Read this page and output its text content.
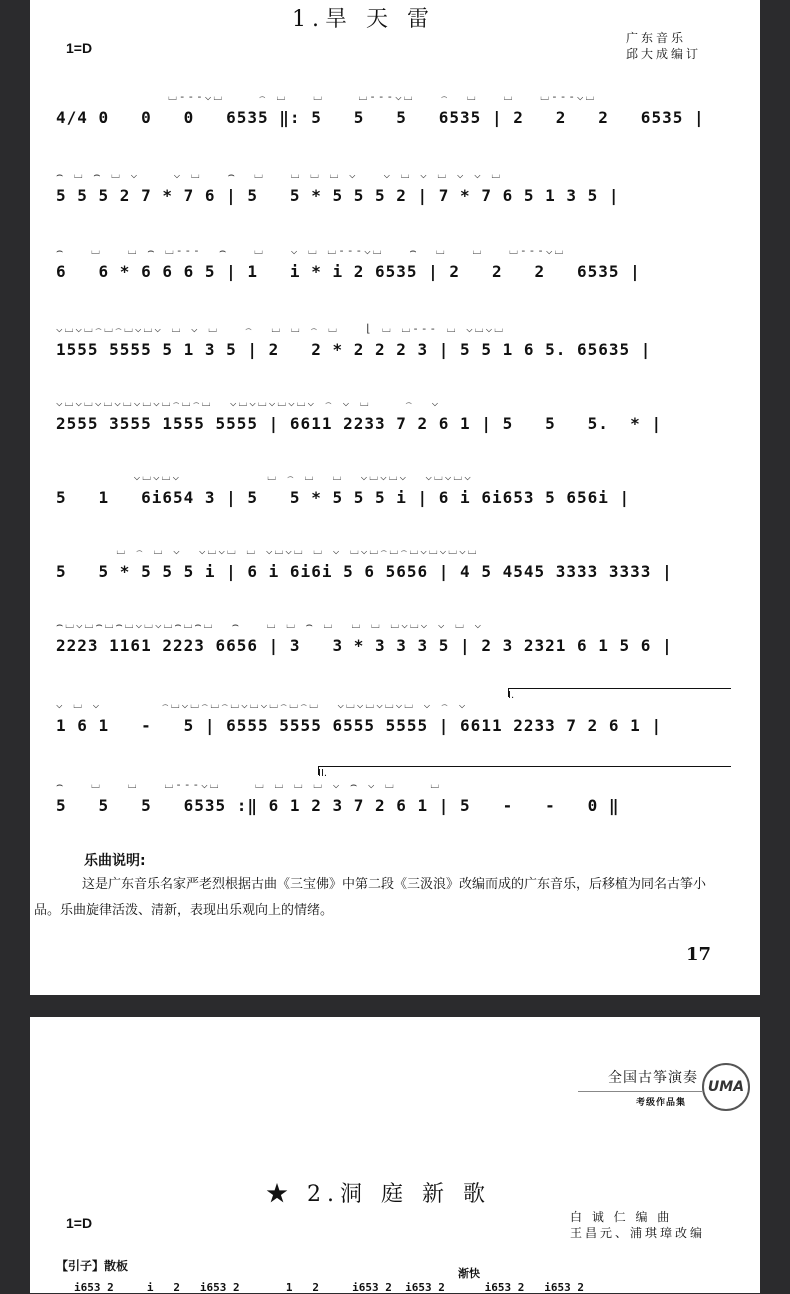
1.旱 天 雷
广东音乐
邱大成编订
1=D
⌴---⌵⌴    ⌢ ⌴   ⌴    ⌴---⌵⌴   ⌢  ⌴   ⌴   ⌴---⌵⌴
4/4 0   0   0   6535 ‖: 5   5   5   6535 | 2   2   2   6535 |
⌢ ⌴ ⌢ ⌴ ⌵    ⌵ ⌴   ⌢  ⌴   ⌴ ⌴ ⌴ ⌵   ⌵ ⌴ ⌵ ⌴ ⌵ ⌵ ⌴
5 5 5 2 7 * 7 6 | 5   5 * 5 5 5 2 | 7 * 7 6 5 1 3 5 |
⌢   ⌴   ⌴ ⌢ ⌴---  ⌢   ⌴   ⌵ ⌴ ⌴---⌵⌴   ⌢  ⌴   ⌴   ⌴---⌵⌴
6   6 * 6 6 6 5 | 1   i * i 2 6535 | 2   2   2   6535 |
⌵⌴⌵⌴⌢⌴⌢⌴⌵⌴⌵ ⌴ ⌵ ⌴   ⌢  ⌴ ⌴ ⌢ ⌴   ⌊ ⌴ ⌴--- ⌴ ⌵⌴⌵⌴
1555 5555 5 1 3 5 | 2   2 * 2 2 2 3 | 5 5 1 6 5. 65635 |
⌵⌴⌵⌴⌵⌴⌵⌴⌵⌴⌵⌴⌢⌴⌢⌴  ⌵⌴⌵⌴⌵⌴⌵⌴⌵ ⌢ ⌵ ⌴    ⌢  ⌵
2555 3555 1555 5555 | 6611 2233 7 2 6 1 | 5   5   5.  * |
⌵⌴⌵⌴⌵          ⌴ ⌢ ⌴  ⌴  ⌵⌴⌵⌴⌵  ⌵⌴⌵⌴⌵
5   1   6i654 3 | 5   5 * 5 5 5 i | 6 i 6i653 5 656i |
⌴ ⌢ ⌴ ⌵  ⌵⌴⌵⌴ ⌴ ⌵⌴⌵⌴ ⌴ ⌵ ⌴⌵⌴⌢⌴⌢⌴⌵⌴⌵⌴⌵⌴
5   5 * 5 5 5 i | 6 i 6i6i 5 6 5656 | 4 5 4545 3333 3333 |
⌢⌴⌵⌴⌢⌴⌢⌴⌵⌴⌵⌴⌢⌴⌢⌴  ⌢   ⌴ ⌴ ⌢ ⌴  ⌴ ⌴ ⌴⌵⌴⌵ ⌵ ⌴ ⌵
2223 1161 2223 6656 | 3   3 * 3 3 3 5 | 2 3 2321 6 1 5 6 |
I.
⌵ ⌴ ⌵       ⌢⌴⌵⌴⌢⌴⌢⌴⌵⌴⌵⌴⌢⌴⌢⌴  ⌵⌴⌵⌴⌵⌴⌵⌴ ⌵ ⌢ ⌵
1 6 1   -   5 | 6555 5555 6555 5555 | 6611 2233 7 2 6 1 |
II.
⌢   ⌴   ⌴   ⌴---⌵⌴    ⌴ ⌴ ⌴ ⌴ ⌵ ⌢ ⌵ ⌴    ⌴
5   5   5   6535 :‖ 6 1 2 3 7 2 6 1 | 5   -   -   0 ‖
乐曲说明:
这是广东音乐名家严老烈根据古曲《三宝佛》中第二段《三汲浪》改编而成的广东音乐，后移植为同名古筝小品。乐曲旋律活泼、清新，表现出乐观向上的情绪。
17
全国古筝演奏
考级作品集
UMA
★ 2.洞 庭 新 歌
白 诚 仁 编 曲
王昌元、浦琪璋改编
1=D
【引子】散板
渐快
i653 2     i   2   i653 2       1   2     i653 2  i653 2      i653 2   i653 2
